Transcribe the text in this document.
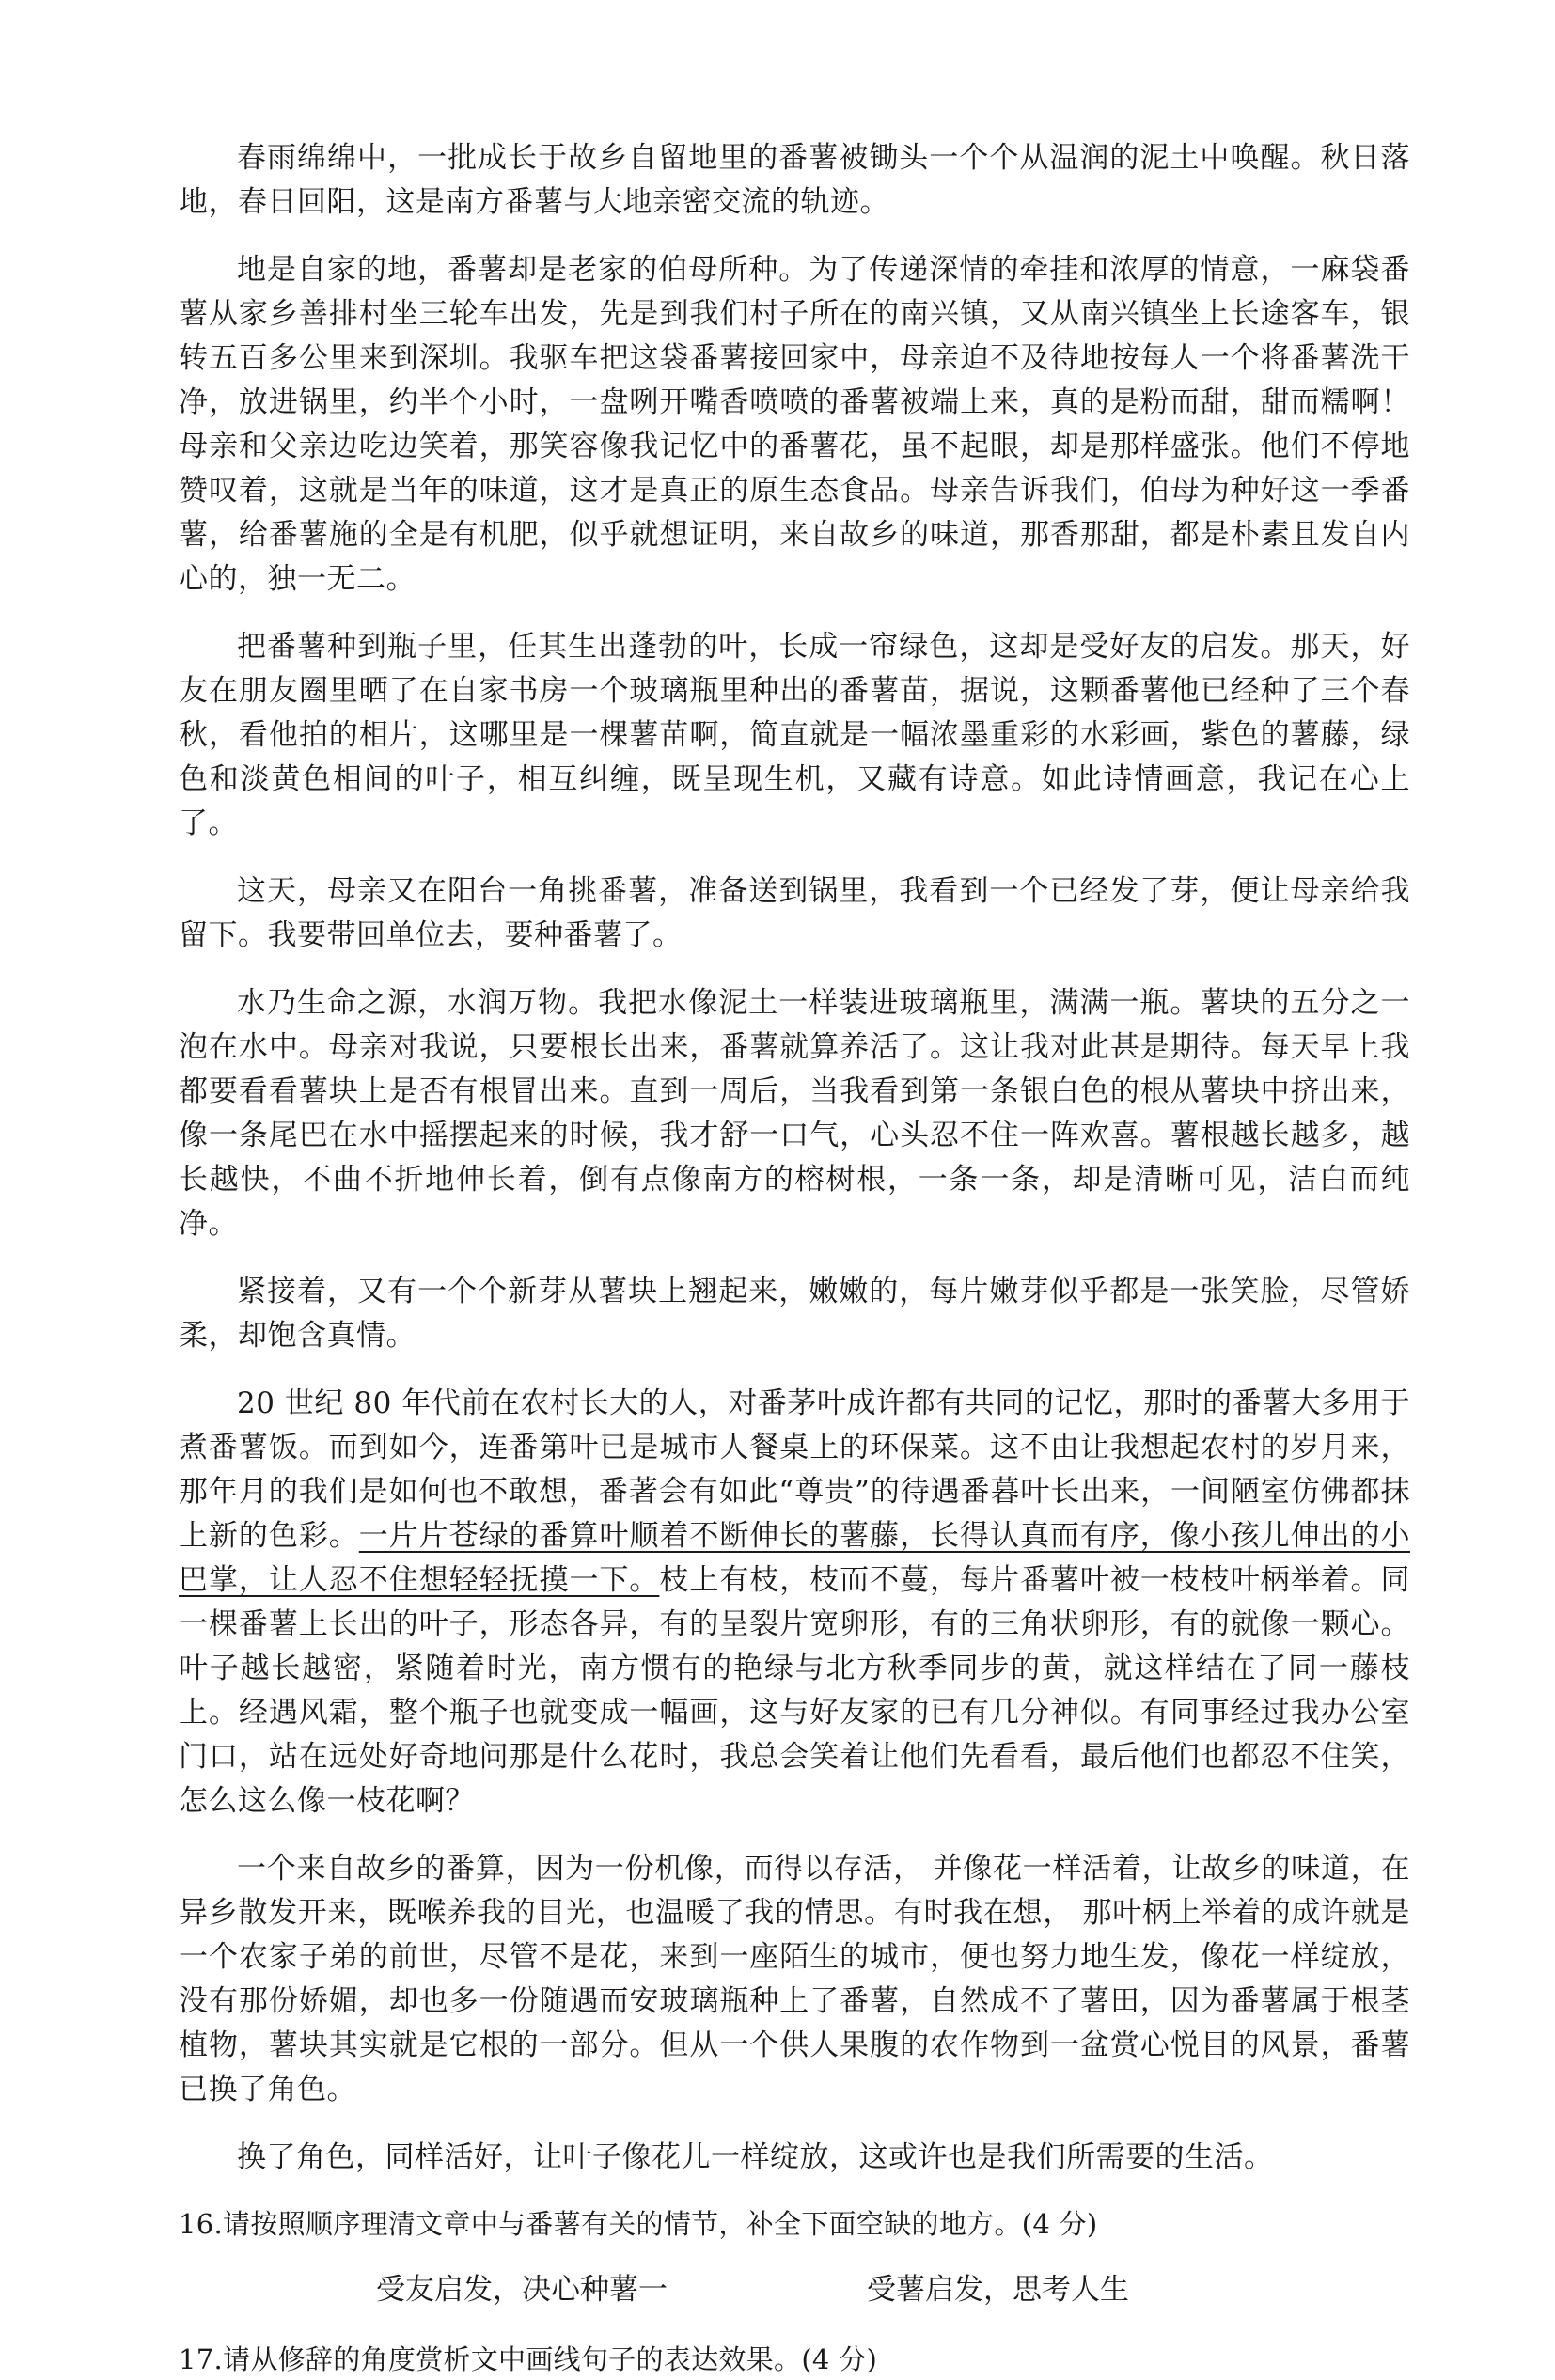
春雨绵绵中，一批成长于故乡自留地里的番薯被锄头一个个从温润的泥土中唤醒。秋日落地，春日回阳，这是南方番薯与大地亲密交流的轨迹。

地是自家的地，番薯却是老家的伯母所种。为了传递深情的牵挂和浓厚的情意，一麻袋番薯从家乡善排村坐三轮车出发，先是到我们村子所在的南兴镇，又从南兴镇坐上长途客车，银转五百多公里来到深圳。我驱车把这袋番薯接回家中，母亲迫不及待地按每人一个将番薯洗干净，放进锅里，约半个小时，一盘咧开嘴香喷喷的番薯被端上来，真的是粉而甜，甜而糯啊！母亲和父亲边吃边笑着，那笑容像我记忆中的番薯花，虽不起眼，却是那样盛张。他们不停地赞叹着，这就是当年的味道，这才是真正的原生态食品。母亲告诉我们，伯母为种好这一季番薯，给番薯施的全是有机肥，似乎就想证明，来自故乡的味道，那香那甜，都是朴素且发自内心的，独一无二。

把番薯种到瓶子里，任其生出蓬勃的叶，长成一帘绿色，这却是受好友的启发。那天，好友在朋友圈里晒了在自家书房一个玻璃瓶里种出的番薯苗，据说，这颗番薯他已经种了三个春秋，看他拍的相片，这哪里是一棵薯苗啊，简直就是一幅浓墨重彩的水彩画，紫色的薯藤，绿色和淡黄色相间的叶子，相互纠缠，既呈现生机，又藏有诗意。如此诗情画意，我记在心上了。

这天，母亲又在阳台一角挑番薯，准备送到锅里，我看到一个已经发了芽，便让母亲给我留下。我要带回单位去，要种番薯了。

水乃生命之源，水润万物。我把水像泥土一样装进玻璃瓶里，满满一瓶。薯块的五分之一泡在水中。母亲对我说，只要根长出来，番薯就算养活了。这让我对此甚是期待。每天早上我都要看看薯块上是否有根冒出来。直到一周后，当我看到第一条银白色的根从薯块中挤出来，像一条尾巴在水中摇摆起来的时候，我才舒一口气，心头忍不住一阵欢喜。薯根越长越多，越长越快，不曲不折地伸长着，倒有点像南方的榕树根，一条一条，却是清晰可见，洁白而纯净。

紧接着，又有一个个新芽从薯块上翘起来，嫩嫩的，每片嫩芽似乎都是一张笑脸，尽管娇柔，却饱含真情。

20 世纪 80 年代前在农村长大的人，对番茅叶成许都有共同的记忆，那时的番薯大多用于煮番薯饭。而到如今，连番第叶已是城市人餐桌上的环保菜。这不由让我想起农村的岁月来，那年月的我们是如何也不敢想，番著会有如此“尊贵”的待遇番暮叶长出来，一间陋室仿佛都抹上新的色彩。一片片苍绿的番算叶顺着不断伸长的薯藤，长得认真而有序，像小孩儿伸出的小巴掌，让人忍不住想轻轻抚摸一下。枝上有枝，枝而不蔓，每片番薯叶被一枝枝叶柄举着。同一棵番薯上长出的叶子，形态各异，有的呈裂片宽卵形，有的三角状卵形，有的就像一颗心。叶子越长越密，紧随着时光，南方惯有的艳绿与北方秋季同步的黄，就这样结在了同一藤枝上。经遇风霜，整个瓶子也就变成一幅画，这与好友家的已有几分神似。有同事经过我办公室门口，站在远处好奇地问那是什么花时，我总会笑着让他们先看看，最后他们也都忍不住笑，怎么这么像一枝花啊？

一个来自故乡的番算，因为一份机像，而得以存活， 并像花一样活着，让故乡的味道，在异乡散发开来，既喉养我的目光，也温暖了我的情思。有时我在想， 那叶柄上举着的成许就是一个农家子弟的前世，尽管不是花，来到一座陌生的城市，便也努力地生发，像花一样绽放，没有那份娇媚，却也多一份随遇而安玻璃瓶种上了番薯，自然成不了薯田，因为番薯属于根茎植物，薯块其实就是它根的一部分。但从一个供人果腹的农作物到一盆赏心悦目的风景，番薯已换了角色。

换了角色，同样活好，让叶子像花儿一样绽放，这或许也是我们所需要的生活。

16.请按照顺序理清文章中与番薯有关的情节，补全下面空缺的地方。(4 分)

受友启发，决心种薯一	受薯启发，思考人生

17.请从修辞的角度赏析文中画线句子的表达效果。(4 分)
